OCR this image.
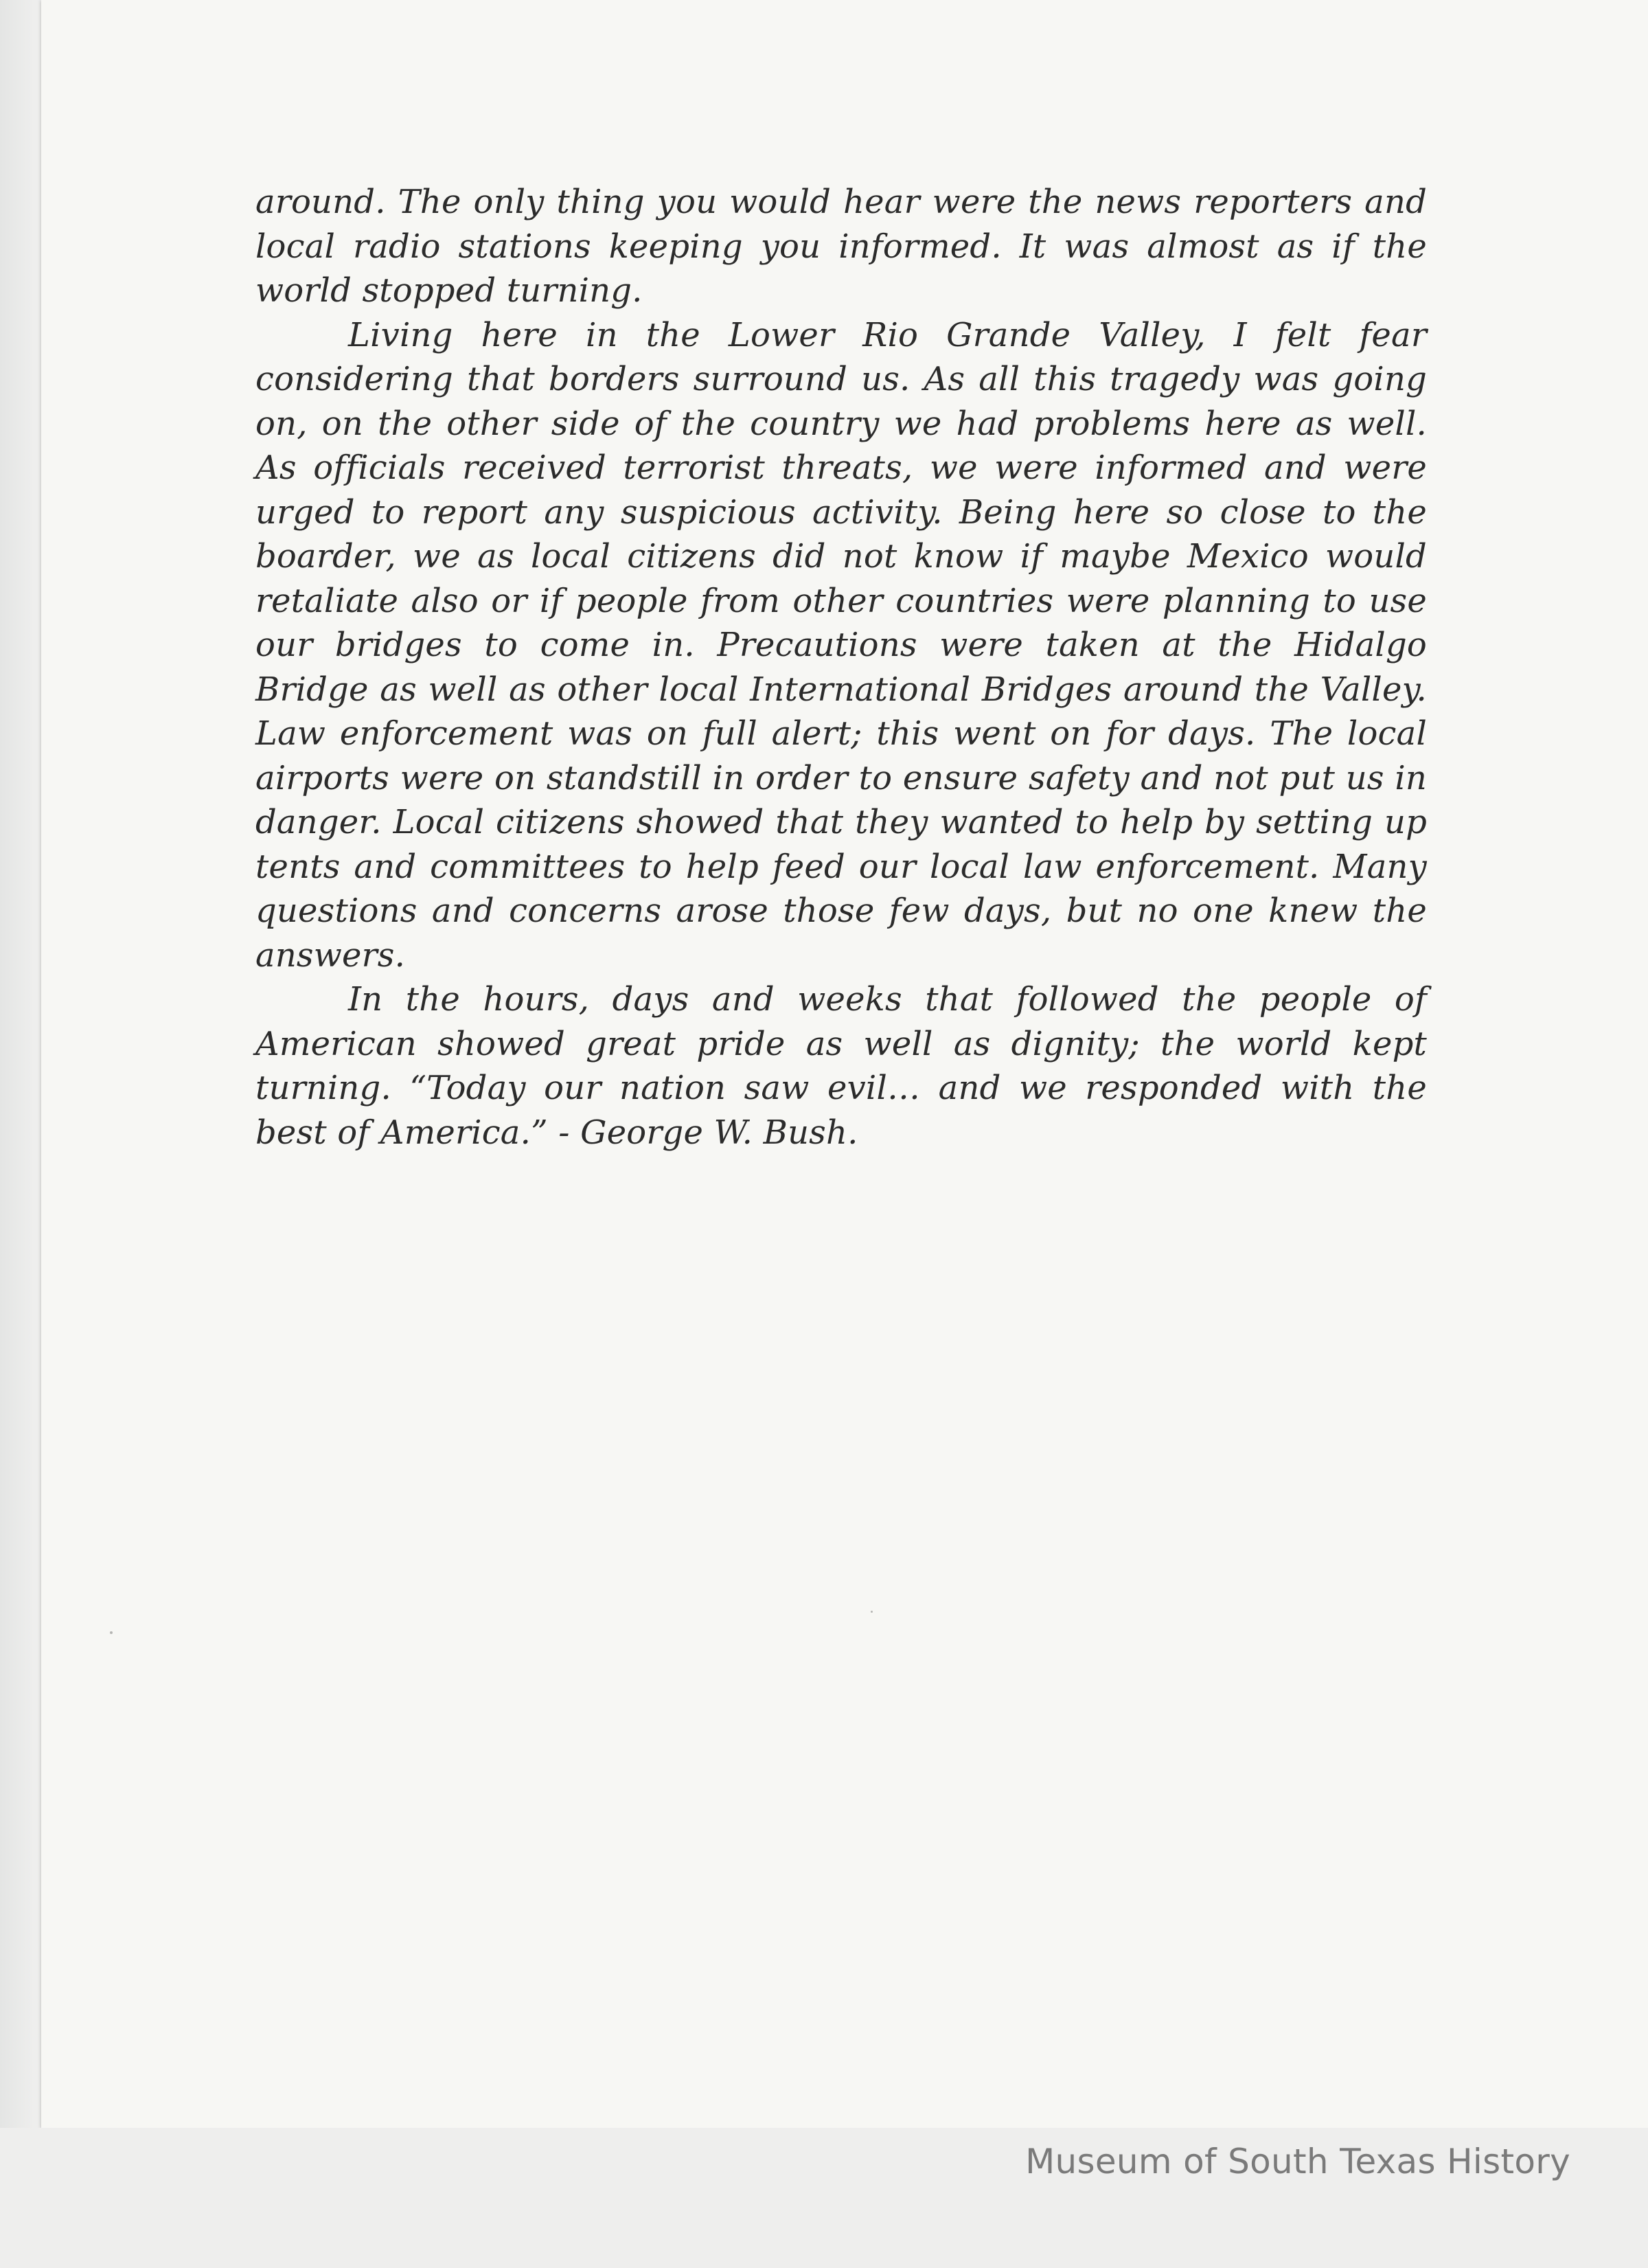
around. The only thing you would hear were the news reporters and local radio stations keeping you informed. It was almost as if the world stopped turning.

Living here in the Lower Rio Grande Valley, I felt fear considering that borders surround us. As all this tragedy was going on, on the other side of the country we had problems here as well. As officials received terrorist threats, we were informed and were urged to report any suspicious activity. Being here so close to the boarder, we as local citizens did not know if maybe Mexico would retaliate also or if people from other countries were planning to use our bridges to come in. Precautions were taken at the Hidalgo Bridge as well as other local International Bridges around the Valley. Law enforcement was on full alert; this went on for days. The local airports were on standstill in order to ensure safety and not put us in danger. Local citizens showed that they wanted to help by setting up tents and committees to help feed our local law enforcement. Many questions and concerns arose those few days, but no one knew the answers.

In the hours, days and weeks that followed the people of American showed great pride as well as dignity; the world kept turning. “Today our nation saw evil… and we responded with the best of America.” - George W. Bush.

Museum of South Texas History
